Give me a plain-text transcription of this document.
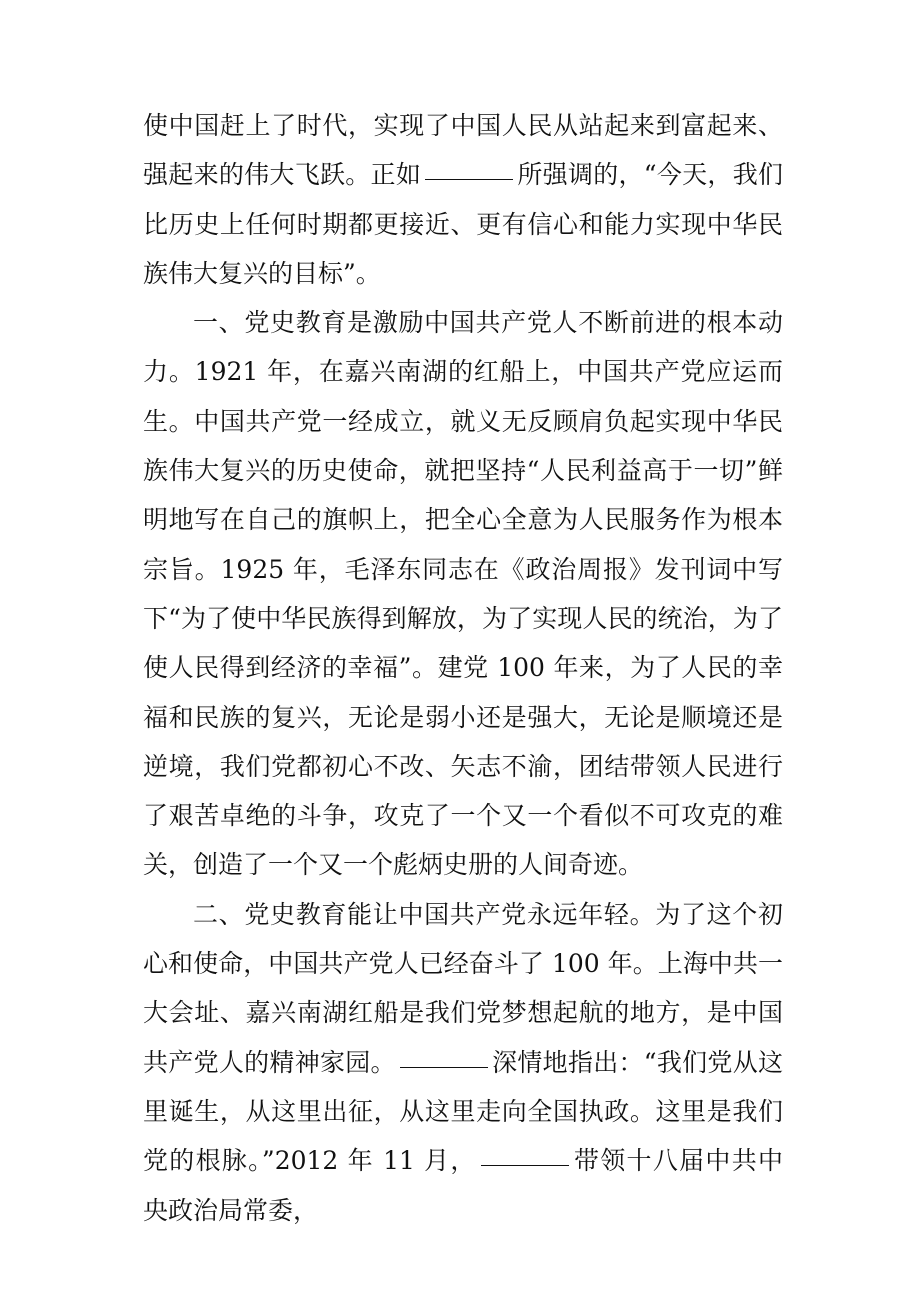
使中国赶上了时代，实现了中国人民从站起来到富起来、强起来的伟大飞跃。正如	所强调的，“今天，我们比历史上任何时期都更接近、更有信心和能力实现中华民族伟大复兴的目标”。

一、党史教育是激励中国共产党人不断前进的根本动力。1921 年，在嘉兴南湖的红船上，中国共产党应运而生。中国共产党一经成立，就义无反顾肩负起实现中华民族伟大复兴的历史使命，就把坚持“人民利益高于一切”鲜明地写在自己的旗帜上，把全心全意为人民服务作为根本宗旨。1925 年，毛泽东同志在《政治周报》发刊词中写下“为了使中华民族得到解放，为了实现人民的统治，为了使人民得到经济的幸福”。建党 100 年来，为了人民的幸福和民族的复兴，无论是弱小还是强大，无论是顺境还是逆境，我们党都初心不改、矢志不渝，团结带领人民进行了艰苦卓绝的斗争，攻克了一个又一个看似不可攻克的难关，创造了一个又一个彪炳史册的人间奇迹。

二、党史教育能让中国共产党永远年轻。为了这个初心和使命，中国共产党人已经奋斗了 100 年。上海中共一大会址、嘉兴南湖红船是我们党梦想起航的地方，是中国共产党人的精神家园。	深情地指出：“我们党从这里诞生，从这里出征，从这里走向全国执政。这里是我们党的根脉。”2012 年 11 月，	带领十八届中共中央政治局常委，
